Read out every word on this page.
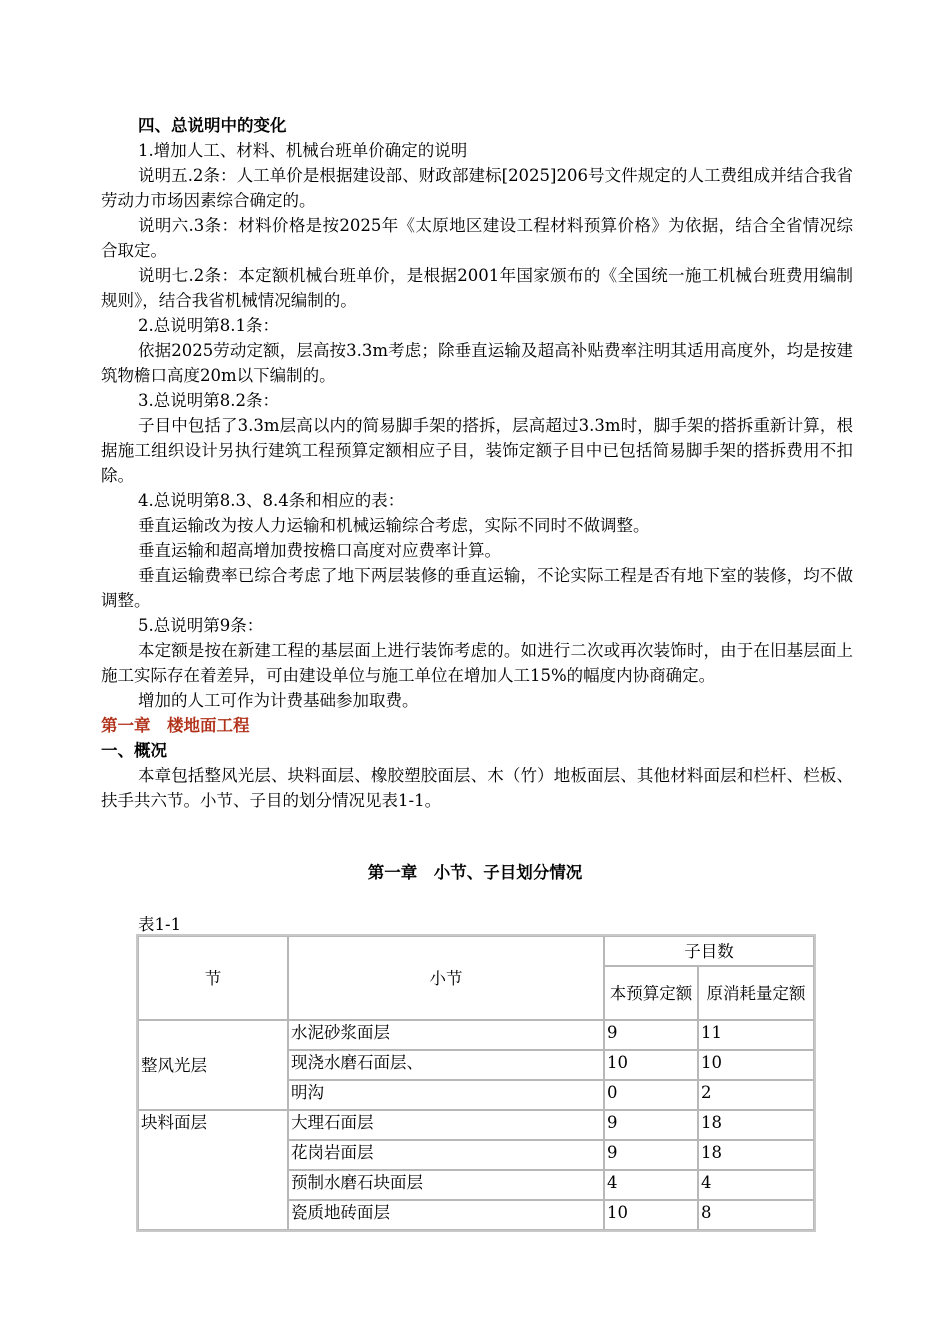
四、总说明中的变化

1.增加人工、材料、机械台班单价确定的说明

说明五.2条：人工单价是根据建设部、财政部建标[2025]206号文件规定的人工费组成并结合我省劳动力市场因素综合确定的。

说明六.3条：材料价格是按2025年《太原地区建设工程材料预算价格》为依据，结合全省情况综合取定。

说明七.2条：本定额机械台班单价，是根据2001年国家颁布的《全国统一施工机械台班费用编制规则》，结合我省机械情况编制的。

2.总说明第8.1条：

依据2025劳动定额，层高按3.3m考虑；除垂直运输及超高补贴费率注明其适用高度外，均是按建筑物檐口高度20m以下编制的。

3.总说明第8.2条：

子目中包括了3.3m层高以内的简易脚手架的搭拆，层高超过3.3m时，脚手架的搭拆重新计算，根据施工组织设计另执行建筑工程预算定额相应子目，装饰定额子目中已包括简易脚手架的搭拆费用不扣除。

4.总说明第8.3、8.4条和相应的表：

垂直运输改为按人力运输和机械运输综合考虑，实际不同时不做调整。

垂直运输和超高增加费按檐口高度对应费率计算。

垂直运输费率已综合考虑了地下两层装修的垂直运输，不论实际工程是否有地下室的装修，均不做调整。

5.总说明第9条：

本定额是按在新建工程的基层面上进行装饰考虑的。如进行二次或再次装饰时，由于在旧基层面上施工实际存在着差异，可由建设单位与施工单位在增加人工15%的幅度内协商确定。

增加的人工可作为计费基础参加取费。

第一章　楼地面工程

一、概况

本章包括整风光层、块料面层、橡胶塑胶面层、木（竹）地板面层、其他材料面层和栏杆、栏板、扶手共六节。小节、子目的划分情况见表1-1。

第一章　小节、子目划分情况
表1-1
节	小节	子目数	
		本预算定额	原消耗量定额
整风光层	水泥砂浆面层	9	11
	现浇水磨石面层、	10	10
	明沟	0	2
块料面层	大理石面层	9	18
	花岗岩面层	9	18
	预制水磨石块面层	4	4
	瓷质地砖面层	10	8
